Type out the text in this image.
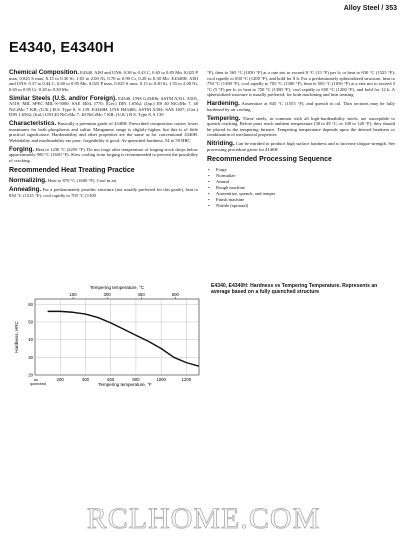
Alloy Steel / 353
E4340, E4340H

Chemical Composition. E4340. AISI and UNS: 0.38 to 0.43 C, 0.65 to 0.85 Mn, 0.025 P max, 0.025 S max, 0.15 to 0.30 Si, 1.65 to 2.00 Ni, 0.70 to 0.90 Cr, 0.20 to 0.30 Mo. E4340H. AISI and UNS: 0.37 to 0.44 C, 0.60 to 0.95 Mn, 0.025 P max, 0.025 S max, 0.15 to 0.30 Si, 1.55 to 2.00 Ni, 0.65 to 0.95 Cr, 0.20 to 0.30 Mo

Similar Steels (U.S. and/or Foreign). E4340. UNS G43406; ASTM A331, A505, A519; MIL SPEC MIL-S-5000; SAE J404, J770; (Ger.) DIN 1.6562; (Jap.) JIS 40 NiCrMo 7, 40 NiCrMo 7 KB; (U.K.) B.S. Type 8, S 139. E4340H. UNS H43406; ASTM A304; SAE J407; (Ger.) DIN 1.6562; (Ital.) UNI 40 NiCrMo 7, 40 NiCrMo 7 KB; (U.K.) B.S. Type 8, S 139

Characteristics. Basically a premium grade of 4340H. Prescribed composition carries lower maximums for both phosphorus and sulfur. Manganese range is slightly higher, but this is of little practical significance. Hardenability and other properties are the same as for conventional 4340H. Weldability and machinability are poor; forgeability is good. As-quenched hardness, 54 to 59 HRC

Forging. Heat to 1230 °C (2250 °F). Do not forge after temperature of forging stock drops below approximately 900 °C (1650 °F). Slow cooling from forging is recommended to prevent the possibility of cracking

Recommended Heat Treating Practice

Normalizing. Heat to 870 °C (1600 °F). Cool in air

Annealing. For a predominately pearlitic structure (not usually preferred for this grade), heat to 830 °C (1525 °F), cool rapidly to 705 °C (1300

°F), then to 565 °C (1050 °F) at a rate not to exceed 8 °C (15 °F) per h; or heat to 830 °C (1525 °F), cool rapidly to 650 °C (1200 °F), and hold for 8 h. For a predominately spheroidized structure, heat to 750 °C (1380 °F), cool rapidly to 705 °C (1300 °F), then to 565 °C (1050 °F) at a rate not to exceed 3 °C (5 °F) per h; or heat to 750 °C (1380 °F), cool rapidly to 650 °C (1200 °F), and hold for 12 h. A spheroidized structure is usually preferred, for both machining and heat treating

Hardening. Austenitize at 845 °C (1555 °F), and quench in oil. Thin sections may be fully hardened by air cooling

Tempering. These steels, in common with all high-hardenability steels, are susceptible to quench cracking. Before parts reach ambient temperature (38 to 49 °C, or 100 to 120 °F), they should be placed in the tempering furnace. Tempering temperature depends upon the desired hardness or combination of mechanical properties

Nitriding. Can be nitrided to produce high surface hardness and to increase fatigue strength. See processing procedure given for 4140H

Recommended Processing Sequence
• Forge
• Normalize
• Anneal
• Rough machine
• Austenitize, quench, and temper
• Finish machine
• Nitride (optional)
20
30
40
50
60
As
quenched
200	400	600	800	1000	1200
150	300	450	600
Tempering temperature, °C
Tempering temperature, °F
Hardness, HRC
E4340, E4340H: Hardness vs Tempering Temperature. Represents an average based on a fully quenched structure
RCLHOME.COM
